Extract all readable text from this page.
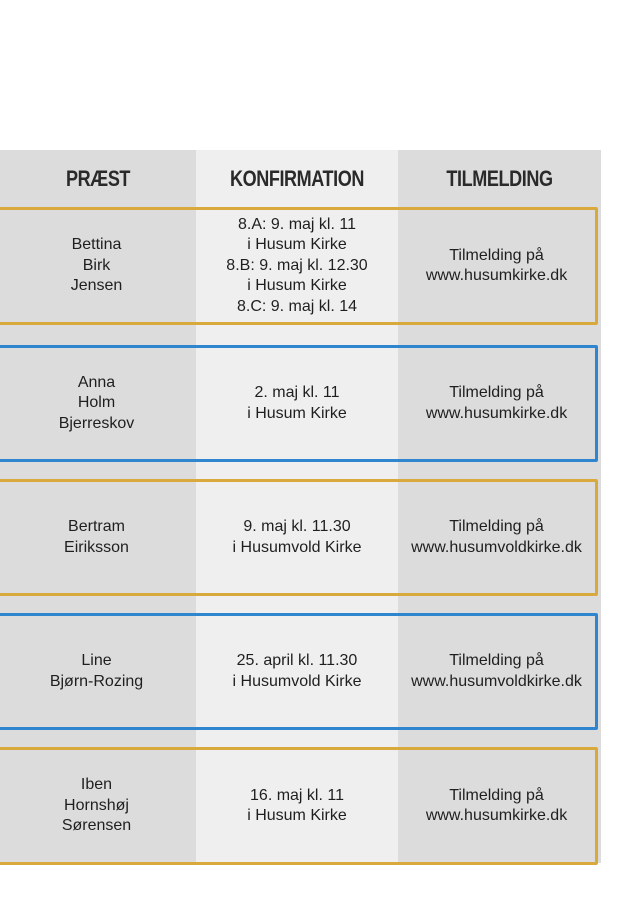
PRÆST	KONFIRMATION	TILMELDING
Bettina
Birk
Jensen
8.A: 9. maj kl. 11
i Husum Kirke
8.B: 9. maj kl. 12.30
i Husum Kirke
8.C: 9. maj kl. 14
Tilmelding på
www.husumkirke.dk
Anna
Holm
Bjerreskov
2. maj kl. 11
i Husum Kirke
Tilmelding på
www.husumkirke.dk
Bertram
Eiriksson
9. maj kl. 11.30
i Husumvold Kirke
Tilmelding på
www.husumvoldkirke.dk
Line
Bjørn-Rozing
25. april kl. 11.30
i Husumvold Kirke
Tilmelding på
www.husumvoldkirke.dk
Iben
Hornshøj
Sørensen
16. maj kl. 11
i Husum Kirke
Tilmelding på
www.husumkirke.dk
